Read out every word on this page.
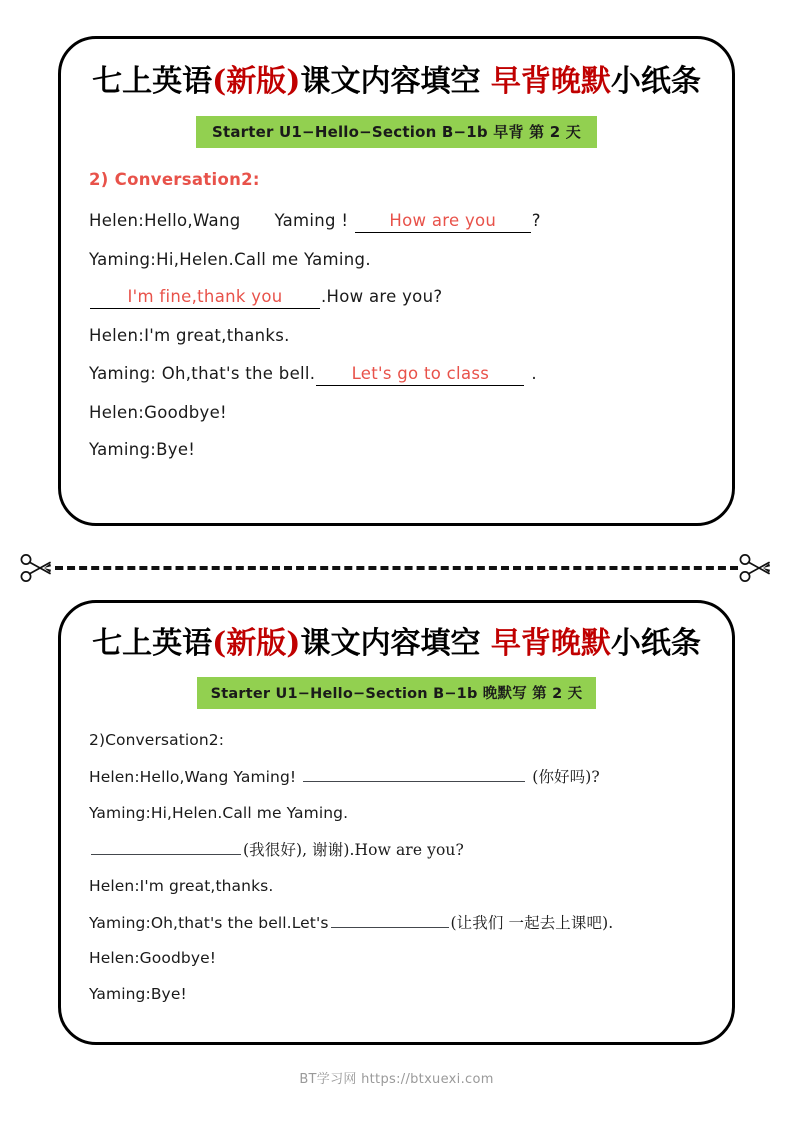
七上英语(新版)课文内容填空 早背晚默小纸条
Starter U1−Hello−Section B−1b 早背 第 2 天
2) Conversation2:
Helen:Hello,Wang Yaming ! How are you ?
Yaming:Hi,Helen.Call me Yaming.
I'm fine,thank you .How are you?
Helen:I'm great,thanks.
Yaming: Oh,that's the bell. Let's go to class	.
Helen:Goodbye!
Yaming:Bye!
七上英语(新版)课文内容填空 早背晚默小纸条
Starter U1−Hello−Section B−1b 晚默写 第 2 天
2)Conversation2:
Helen:Hello,Wang Yaming!	(你好吗)?
Yaming:Hi,Helen.Call me Yaming.
(我很好), 谢谢).How are you?
Helen:I'm great,thanks.
Yaming:Oh,that's the bell.Let's	(让我们 一起去上课吧).
Helen:Goodbye!
Yaming:Bye!
BT学习网 https://btxuexi.com
